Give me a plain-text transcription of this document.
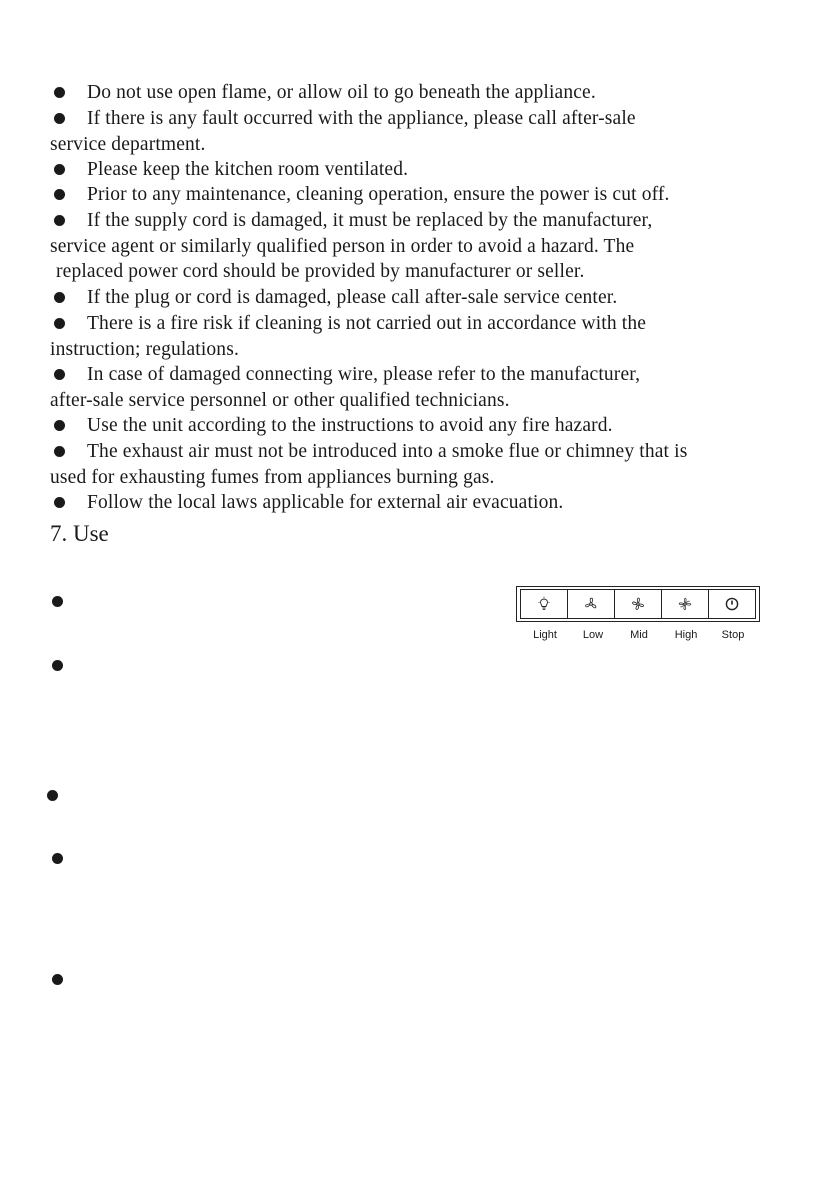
Do not use open flame, or allow oil to go beneath the appliance.
If there is any fault occurred with the appliance, please call after-sale
service department.
Please keep the kitchen room ventilated.
Prior to any maintenance, cleaning operation, ensure the power is cut off.
If the supply cord is damaged, it must be replaced by the manufacturer,
service agent or similarly qualified person in order to avoid a hazard. The
replaced power cord should be provided by manufacturer or seller.
If the plug or cord is damaged, please call after-sale service center.
There is a fire risk if cleaning is not carried out in accordance with the
instruction; regulations.
In case of damaged connecting wire, please refer to the manufacturer,
after-sale service personnel or other qualified technicians.
Use the unit according to the instructions to avoid any fire hazard.
The exhaust air must not be introduced into a smoke flue or chimney that is
used for exhausting fumes from appliances burning gas.
Follow the local laws applicable for external air evacuation.
7. Use
Light Low Mid High Stop
